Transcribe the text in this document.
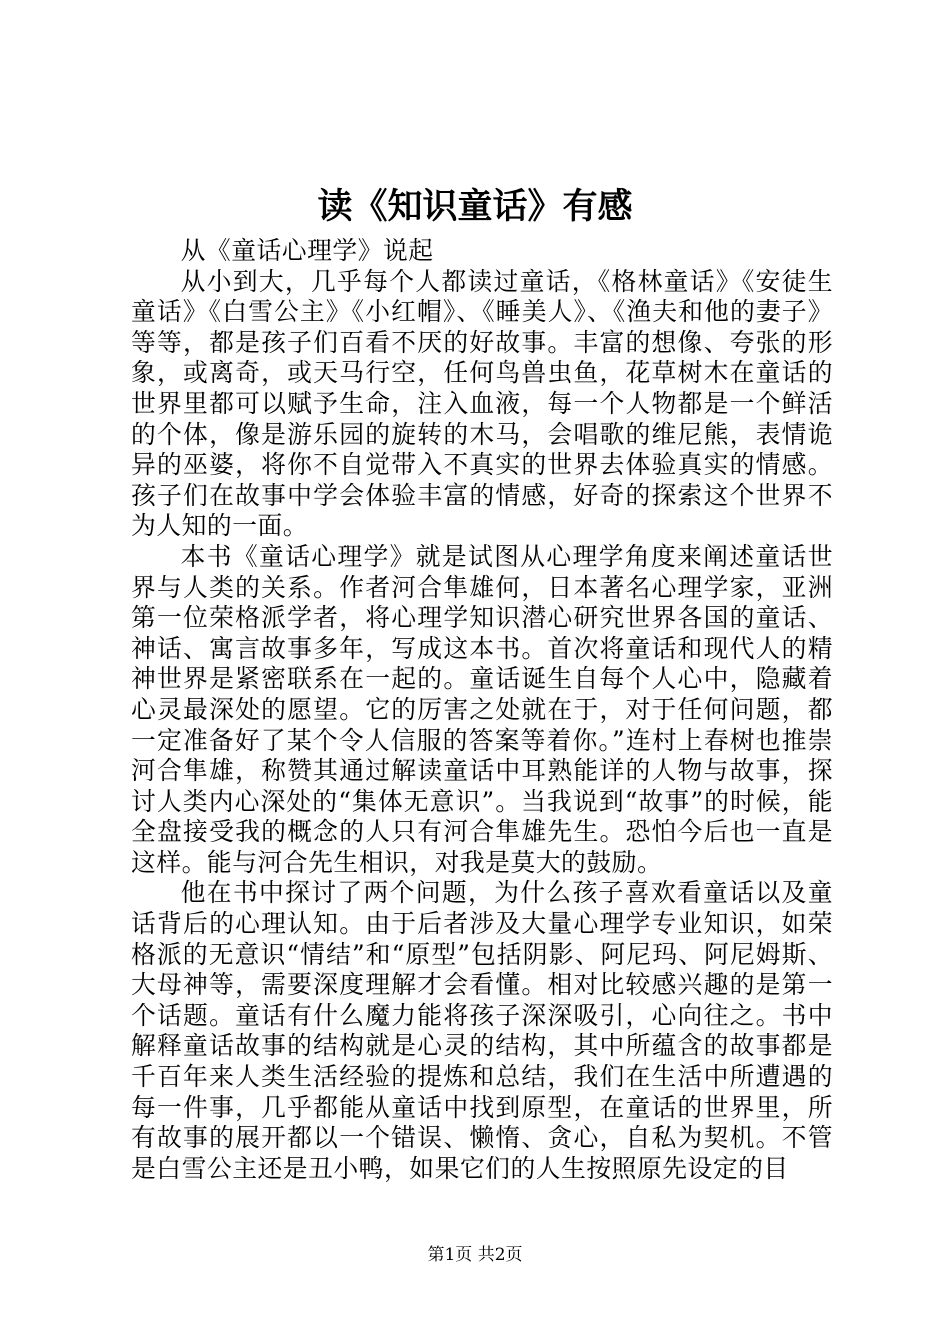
读《知识童话》有感

从《童话心理学》说起

从小到大，几乎每个人都读过童话，《格林童话》《安徒生童话》《白雪公主》《小红帽》、《睡美人》、《渔夫和他的妻子》等等，都是孩子们百看不厌的好故事。丰富的想像、夸张的形象，或离奇，或天马行空，任何鸟兽虫鱼，花草树木在童话的世界里都可以赋予生命，注入血液，每一个人物都是一个鲜活的个体，像是游乐园的旋转的木马，会唱歌的维尼熊，表情诡异的巫婆，将你不自觉带入不真实的世界去体验真实的情感。孩子们在故事中学会体验丰富的情感，好奇的探索这个世界不为人知的一面。

本书《童话心理学》就是试图从心理学角度来阐述童话世界与人类的关系。作者河合隼雄何，日本著名心理学家，亚洲第一位荣格派学者，将心理学知识潜心研究世界各国的童话、神话、寓言故事多年，写成这本书。首次将童话和现代人的精神世界是紧密联系在一起的。童话诞生自每个人心中，隐藏着心灵最深处的愿望。它的厉害之处就在于，对于任何问题，都一定准备好了某个令人信服的答案等着你。”连村上春树也推崇河合隼雄，称赞其通过解读童话中耳熟能详的人物与故事，探讨人类内心深处的“集体无意识”。当我说到“故事”的时候，能全盘接受我的概念的人只有河合隼雄先生。恐怕今后也一直是这样。能与河合先生相识，对我是莫大的鼓励。

他在书中探讨了两个问题，为什么孩子喜欢看童话以及童话背后的心理认知。由于后者涉及大量心理学专业知识，如荣格派的无意识“情结”和“原型”包括阴影、阿尼玛、阿尼姆斯、大母神等，需要深度理解才会看懂。相对比较感兴趣的是第一个话题。童话有什么魔力能将孩子深深吸引，心向往之。书中解释童话故事的结构就是心灵的结构，其中所蕴含的故事都是千百年来人类生活经验的提炼和总结，我们在生活中所遭遇的每一件事，几乎都能从童话中找到原型，在童话的世界里，所有故事的展开都以一个错误、懒惰、贪心，自私为契机。不管是白雪公主还是丑小鸭，如果它们的人生按照原先设定的目

第1页 共2页
